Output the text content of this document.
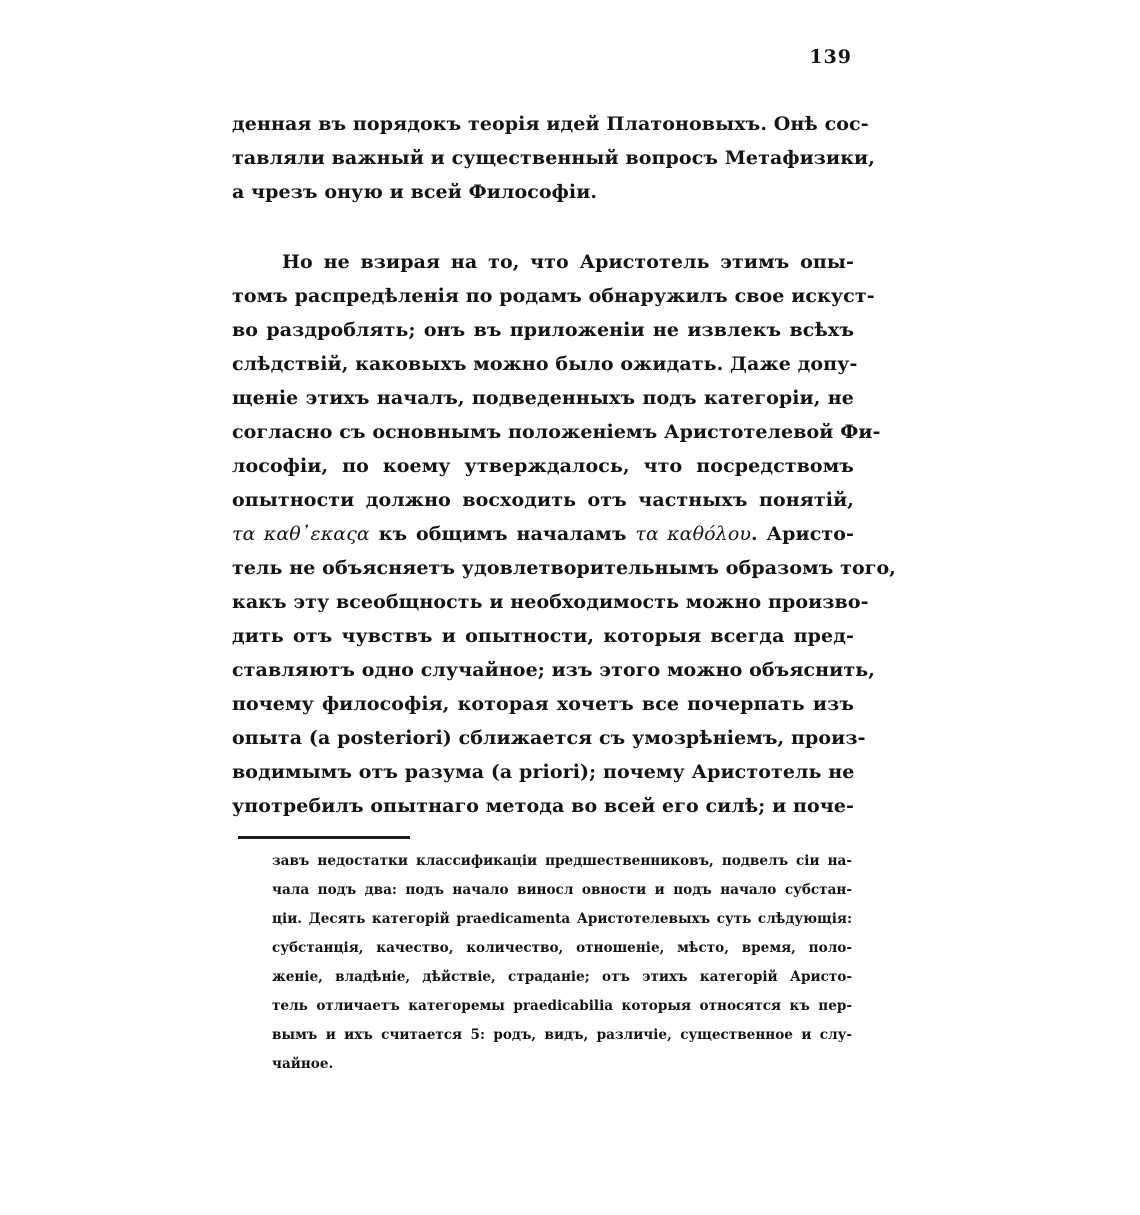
139
денная въ порядокъ теорія идей Платоновыхъ. Онѣ сос-
тавляли важный и существенный вопросъ Метафизики,
а чрезъ оную и всей Философіи.
Но не взирая на то, что Аристотель этимъ опы-
томъ распредѣленія по родамъ обнаружилъ свое искуст-
во раздроблять; онъ въ приложеніи не извлекъ всѣхъ
слѣдствій, каковыхъ можно было ожидать. Даже допу-
щеніе этихъ началъ, подведенныхъ подъ категоріи, не
согласно съ основнымъ положеніемъ Аристотелевой Фи-
лософіи, по коему утверждалось, что посредствомъ
опытности должно восходить отъ частныхъ понятій,
τα καθ᾽εκαςα къ общимъ началамъ τα καθόλου. Аристо-
тель не объясняетъ удовлетворительнымъ образомъ того,
какъ эту всеобщность и необходимость можно произво-
дить отъ чувствъ и опытности, которыя всегда пред-
ставляютъ одно случайное; изъ этого можно объяснить,
почему философія, которая хочетъ все почерпать изъ
опыта (a posteriori) сближается съ умозрѣніемъ, произ-
водимымъ отъ разума (a priori); почему Аристотель не
употребилъ опытнаго метода во всей его силѣ; и поче-
завъ недостатки классификаціи предшественниковъ, подвелъ сіи на-
чала подъ два: подъ начало виносл овности и подъ начало субстан-
ціи. Десять категорій praedicamenta Аристотелевыхъ суть слѣдующія:
субстанція, качество, количество, отношеніе, мѣсто, время, поло-
женіе, владѣніе, дѣйствіе, страданіе; отъ этихъ категорій Аристо-
тель отличаетъ категоремы praedicabilia которыя относятся къ пер-
вымъ и ихъ считается 5: родъ, видъ, различіе, существенное и слу-
чайное.
